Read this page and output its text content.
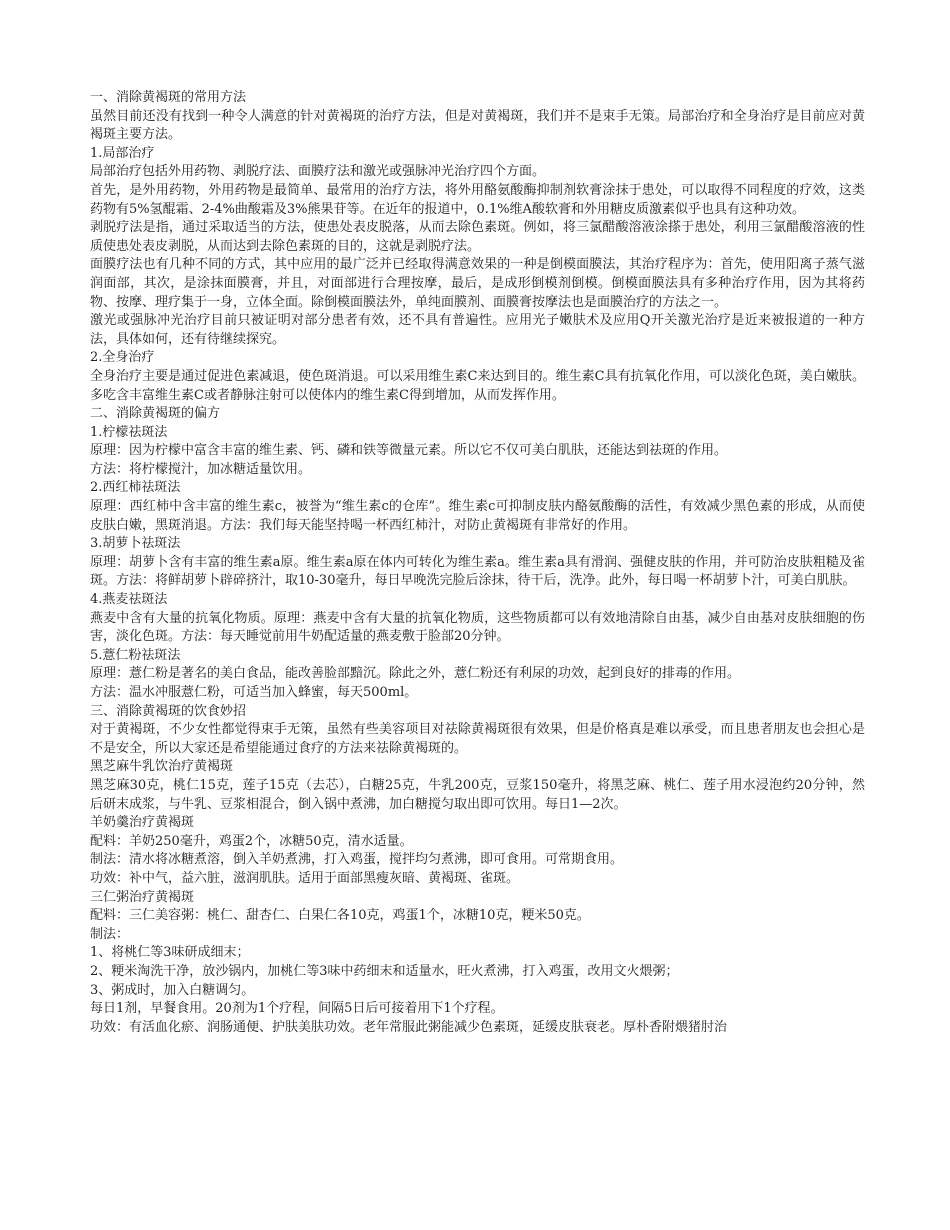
一、消除黄褐斑的常用方法

虽然目前还没有找到一种令人满意的针对黄褐斑的治疗方法，但是对黄褐斑，我们并不是束手无策。局部治疗和全身治疗是目前应对黄褐斑主要方法。

1.局部治疗

局部治疗包括外用药物、剥脱疗法、面膜疗法和激光或强脉冲光治疗四个方面。

首先，是外用药物，外用药物是最简单、最常用的治疗方法，将外用酪氨酸酶抑制剂软膏涂抹于患处，可以取得不同程度的疗效，这类药物有5%氢醌霜、2-4%曲酸霜及3%熊果苷等。在近年的报道中，0.1%维A酸软膏和外用糖皮质激素似乎也具有这种功效。

剥脱疗法是指，通过采取适当的方法，使患处表皮脱落，从而去除色素斑。例如，将三氯醋酸溶液涂搽于患处，利用三氯醋酸溶液的性质使患处表皮剥脱，从而达到去除色素斑的目的，这就是剥脱疗法。

面膜疗法也有几种不同的方式，其中应用的最广泛并已经取得满意效果的一种是倒模面膜法，其治疗程序为：首先，使用阳离子蒸气滋润面部，其次，是涂抹面膜膏，并且，对面部进行合理按摩，最后，是成形倒模剂倒模。倒模面膜法具有多种治疗作用，因为其将药物、按摩、理疗集于一身，立体全面。除倒模面膜法外，单纯面膜剂、面膜膏按摩法也是面膜治疗的方法之一。

激光或强脉冲光治疗目前只被证明对部分患者有效，还不具有普遍性。应用光子嫩肤术及应用Q开关激光治疗是近来被报道的一种方法，具体如何，还有待继续探究。

2.全身治疗

全身治疗主要是通过促进色素减退，使色斑消退。可以采用维生素C来达到目的。维生素C具有抗氧化作用，可以淡化色斑，美白嫩肤。多吃含丰富维生素C或者静脉注射可以使体内的维生素C得到增加，从而发挥作用。

二、消除黄褐斑的偏方

1.柠檬祛斑法

原理：因为柠檬中富含丰富的维生素、钙、磷和铁等微量元素。所以它不仅可美白肌肤，还能达到祛斑的作用。

方法：将柠檬搅汁，加冰糖适量饮用。

2.西红柿祛斑法

原理：西红柿中含丰富的维生素c，被誉为“维生素c的仓库”。维生素c可抑制皮肤内酪氨酸酶的活性，有效减少黑色素的形成，从而使皮肤白嫩，黑斑消退。方法：我们每天能坚持喝一杯西红柿汁，对防止黄褐斑有非常好的作用。

3.胡萝卜祛斑法

原理：胡萝卜含有丰富的维生素a原。维生素a原在体内可转化为维生素a。维生素a具有滑润、强健皮肤的作用，并可防治皮肤粗糙及雀斑。方法：将鲜胡萝卜辟碎挤汁，取10-30毫升，每日早晚洗完脸后涂抹，待干后，洗净。此外，每日喝一杯胡萝卜汁，可美白肌肤。

4.燕麦祛斑法

燕麦中含有大量的抗氧化物质。原理：燕麦中含有大量的抗氧化物质，这些物质都可以有效地清除自由基，减少自由基对皮肤细胞的伤害，淡化色斑。方法：每天睡觉前用牛奶配适量的燕麦敷于脸部20分钟。

5.薏仁粉祛斑法

原理：薏仁粉是著名的美白食品，能改善脸部黯沉。除此之外，薏仁粉还有利尿的功效，起到良好的排毒的作用。

方法：温水冲服薏仁粉，可适当加入蜂蜜，每天500ml。

三、消除黄褐斑的饮食妙招

对于黄褐斑，不少女性都觉得束手无策，虽然有些美容项目对祛除黄褐斑很有效果，但是价格真是难以承受，而且患者朋友也会担心是不是安全，所以大家还是希望能通过食疗的方法来祛除黄褐斑的。

黑芝麻牛乳饮治疗黄褐斑

黑芝麻30克，桃仁15克，莲子15克（去芯），白糖25克，牛乳200克，豆浆150毫升，将黑芝麻、桃仁、莲子用水浸泡约20分钟，然后研末成浆，与牛乳、豆浆相混合，倒入锅中煮沸，加白糖搅匀取出即可饮用。每日1—2次。

羊奶羹治疗黄褐斑

配料：羊奶250毫升，鸡蛋2个，冰糖50克，清水适量。

制法：清水将冰糖煮溶，倒入羊奶煮沸，打入鸡蛋，搅拌均匀煮沸，即可食用。可常期食用。

功效：补中气，益六脏，滋润肌肤。适用于面部黑瘦灰暗、黄褐斑、雀斑。

三仁粥治疗黄褐斑

配料：三仁美容粥：桃仁、甜杏仁、白果仁各10克，鸡蛋1个，冰糖10克，粳米50克。

制法：

1、将桃仁等3味研成细末；

2、粳米淘洗干净，放沙锅内，加桃仁等3味中药细末和适量水，旺火煮沸，打入鸡蛋，改用文火煨粥；

3、粥成时，加入白糖调匀。

每日1剂，早餐食用。20剂为1个疗程，间隔5日后可接着用下1个疗程。

功效：有活血化瘀、润肠通便、护肤美肤功效。老年常服此粥能减少色素斑，延缓皮肤衰老。厚朴香附煨猪肘治
